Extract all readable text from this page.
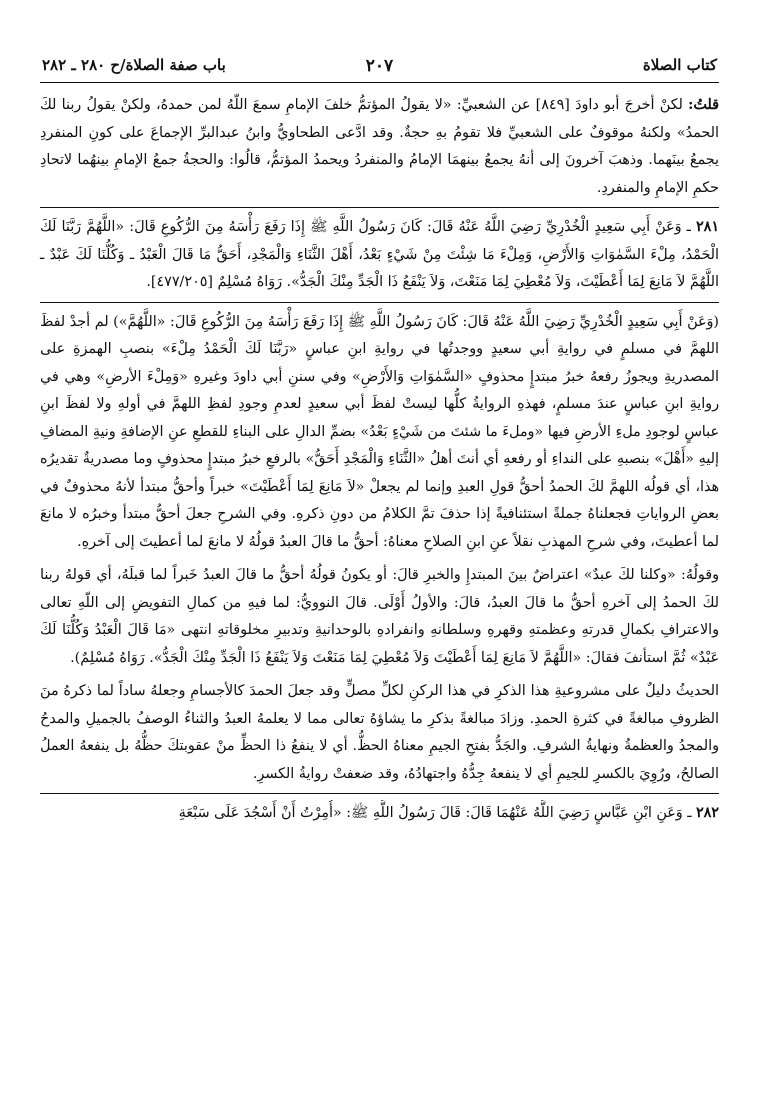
كتاب الصلاة
٢٠٧
باب صفة الصلاة/ح ٢٨٠ ـ ٢٨٢

قلتُ: لكنْ أخرجَ أبو داودَ [٨٤٩] عن الشعبيِّ: «لا يقولُ المؤتمُّ خلفَ الإمامِ سمعَ اللّهُ لمن حمدهُ، ولكنْ يقولُ ربنا لكَ الحمدُ» ولكنهُ موقوفٌ على الشعبيِّ فلا تقومُ بهِ حجةٌ. وقد ادَّعى الطحاويُّ وابنُ عبدالبرِّ الإجماعَ على كونِ المنفردِ يجمعُ بينَهما. وذهبَ آخرونَ إلى أنهُ يجمعُ بينهمَا الإمامُ والمنفردُ ويحمدُ المؤتمُّ، قالُوا: والحجةُ جمعُ الإمامِ بينهُما لاتحادِ حكمِ الإمامِ والمنفردِ.

٢٨١ ـ وَعَنْ أَبِي سَعِيدٍ الْخُدْرِيِّ رَضِيَ اللَّهُ عَنْهُ قَالَ: كَانَ رَسُولُ اللَّهِ ﷺ إِذَا رَفَعَ رَأْسَهُ مِنَ الرُّكُوعِ قَالَ: «اللَّهُمَّ رَبَّنَا لَكَ الْحَمْدُ، مِلْءَ السَّمٰوَاتِ وَالأَرْضِ، وَمِلْءَ مَا شِئْتَ مِنْ شَيْءٍ بَعْدُ، أَهْلَ الثَّنَاءِ وَالْمَجْدِ، أَحَقُّ مَا قَالَ الْعَبْدُ ـ وَكُلُّنَا لَكَ عَبْدٌ ـ اللَّهُمَّ لاَ مَانِعَ لِمَا أَعْطَيْتَ، وَلاَ مُعْطِيَ لِمَا مَنَعْتَ، وَلاَ يَنْفَعُ ذَا الْجَدِّ مِنْكَ الْجَدُّ». رَوَاهُ مُسْلِمٌ [٤٧٧/٢٠٥].

(وَعَنْ أَبِي سَعِيدٍ الْخُدْرِيِّ رَضِيَ اللَّهُ عَنْهُ قَالَ: كَانَ رَسُولُ اللَّهِ ﷺ إِذَا رَفَعَ رَأْسَهُ مِنَ الرُّكُوعِ قَالَ: «اللَّهُمَّ») لم أجدْ لفظَ اللهمَّ في مسلمٍ في روايةِ أبي سعيدٍ ووجدتُها في روايةِ ابنِ عباسٍ «رَبَّنَا لَكَ الْحَمْدُ مِلْءَ» بنصبِ الهمزةِ على المصدريةِ ويجوزُ رفعهُ خبرُ مبتدإٍ محذوفٍ «السَّمٰوَاتِ وَالأَرْضِ» وفي سننِ أبي داودَ وغيرهِ «وَمِلْءَ الأرضِ» وهي في روايةِ ابنِ عباسٍ عندَ مسلمٍ، فهذهِ الروايةُ كلُّها ليستْ لفظَ أبي سعيدٍ لعدمِ وجودِ لفظِ اللهمَّ في أولهِ ولا لفظَ ابنِ عباسٍ لوجودِ ملءِ الأرضِ فيها «وملءَ ما شئتَ من شَيْءٍ بَعْدُ» بضمِّ الدالِ على البناءِ للقطعِ عنِ الإضافةِ ونيةِ المضافِ إليهِ «أَهْلَ» بنصبهِ على النداءِ أو رفعهِ أي أنتَ أهلُ «الثَّنَاءِ وَالْمَجْدِ أَحَقُّ» بالرفعِ خبرُ مبتدإٍ محذوفٍ وما مصدريةٌ تقديرُه هذا، أي قولُه اللهمَّ لكَ الحمدُ أحقُّ قولِ العبدِ وإنما لم يجعلْ «لاَ مَانِعَ لِمَا أَعْطَيْتَ» خبراً وأحقُّ مبتدأ لأنهُ محذوفٌ في بعضِ الرواياتِ فجعلناهُ جملةً استئنافيةً إذا حذفَ تمَّ الكلامُ من دونِ ذكرهِ. وفي الشرحِ جعلَ أحقُّ مبتدأ وخبرُه لا مانعَ لما أعطيتَ، وفي شرحِ المهذبِ نقلاً عنِ ابنِ الصلاحِ معناهُ: أحقُّ ما قالَ العبدُ قولُهُ لا مانعَ لما أعطيتَ إلى آخرهِ.

وقولُهُ: «وكلنا لكَ عبدٌ» اعتراضٌ بينَ المبتدإِ والخبرِ قالَ: أو يكونُ قولُهُ أحقُّ ما قالَ العبدُ خَبراً لما قبلَهُ، أي قولهُ ربنا لكَ الحمدُ إلى آخرهِ أحقُّ ما قالَ العبدُ، قالَ: والأولُ أَوْلَى. قالَ النوويُّ: لما فيهِ من كمالِ التفويضِ إلى اللّهِ تعالى والاعترافِ بكمالِ قدرتهِ وعظمتهِ وقهرهِ وسلطانهِ وانفرادهِ بالوحدانيةِ وتدبيرِ مخلوقاتهِ انتهى «مَا قَالَ الْعَبْدُ وَكُلُّنَا لَكَ عَبْدٌ» ثُمَّ استأنفَ فقالَ: «اللَّهُمَّ لاَ مَانِعَ لِمَا أَعْطَيْتَ وَلاَ مُعْطِيَ لِمَا مَنَعْتَ وَلاَ يَنْفَعُ ذَا الْجَدِّ مِنْكَ الْجَدُّ». رَوَاهُ مُسْلِمٌ).

الحديثُ دليلٌ على مشروعيةِ هذا الذكرِ في هذا الركنِ لكلِّ مصلٍّ وقد جعلَ الحمدَ كالأجسامِ وجعلهُ ساداً لما ذكرهُ منَ الظروفِ مبالغةً في كثرةِ الحمدِ. وزادَ مبالغةً بذكرِ ما يشاؤهُ تعالى مما لا يعلمهُ العبدُ والثناءُ الوصفُ بالجميلِ والمدحُ والمجدُ والعظمةُ ونهايةُ الشرفِ. والجَدُّ بفتحِ الجيمِ معناهُ الحظُّ. أي لا ينفعُ ذا الحظِّ منْ عقوبتكَ حظُّهُ بل ينفعهُ العملُ الصالحُ، ورُوِيَ بالكسرِ للجيمِ أي لا ينفعهُ جِدُّهُ واجتهادُهُ، وقد ضعفتْ روايةُ الكسرِ.

٢٨٢ ـ وَعَنِ ابْنِ عَبَّاسٍ رَضِيَ اللَّهُ عَنْهُمَا قَالَ: قَالَ رَسُولُ اللَّهِ ﷺ: «أُمِرْتُ أَنْ أَسْجُدَ عَلَى سَبْعَةِ
